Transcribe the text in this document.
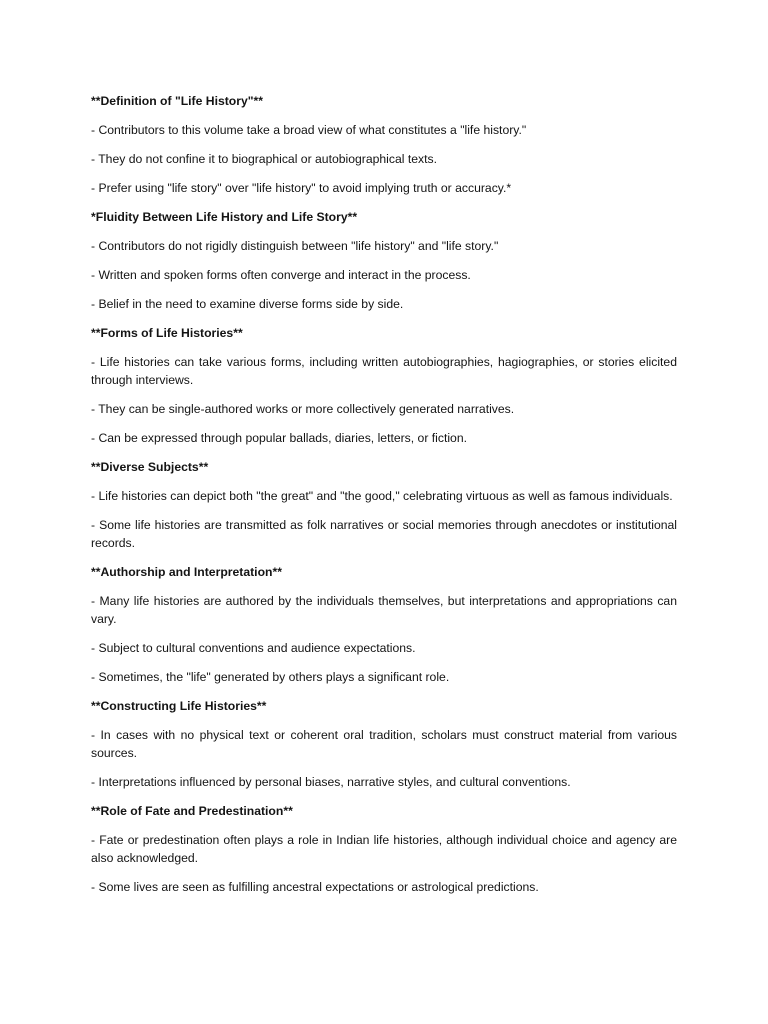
**Definition of "Life History"**

- Contributors to this volume take a broad view of what constitutes a "life history."

- They do not confine it to biographical or autobiographical texts.

- Prefer using "life story" over "life history" to avoid implying truth or accuracy.*

*Fluidity Between Life History and Life Story**

- Contributors do not rigidly distinguish between "life history" and "life story."

- Written and spoken forms often converge and interact in the process.

- Belief in the need to examine diverse forms side by side.

**Forms of Life Histories**

- Life histories can take various forms, including written autobiographies, hagiographies, or stories elicited through interviews.

- They can be single-authored works or more collectively generated narratives.

- Can be expressed through popular ballads, diaries, letters, or fiction.

**Diverse Subjects**

- Life histories can depict both "the great" and "the good," celebrating virtuous as well as famous individuals.

- Some life histories are transmitted as folk narratives or social memories through anecdotes or institutional records.

**Authorship and Interpretation**

- Many life histories are authored by the individuals themselves, but interpretations and appropriations can vary.

- Subject to cultural conventions and audience expectations.

- Sometimes, the "life" generated by others plays a significant role.

**Constructing Life Histories**

- In cases with no physical text or coherent oral tradition, scholars must construct material from various sources.

- Interpretations influenced by personal biases, narrative styles, and cultural conventions.

**Role of Fate and Predestination**

- Fate or predestination often plays a role in Indian life histories, although individual choice and agency are also acknowledged.

- Some lives are seen as fulfilling ancestral expectations or astrological predictions.
